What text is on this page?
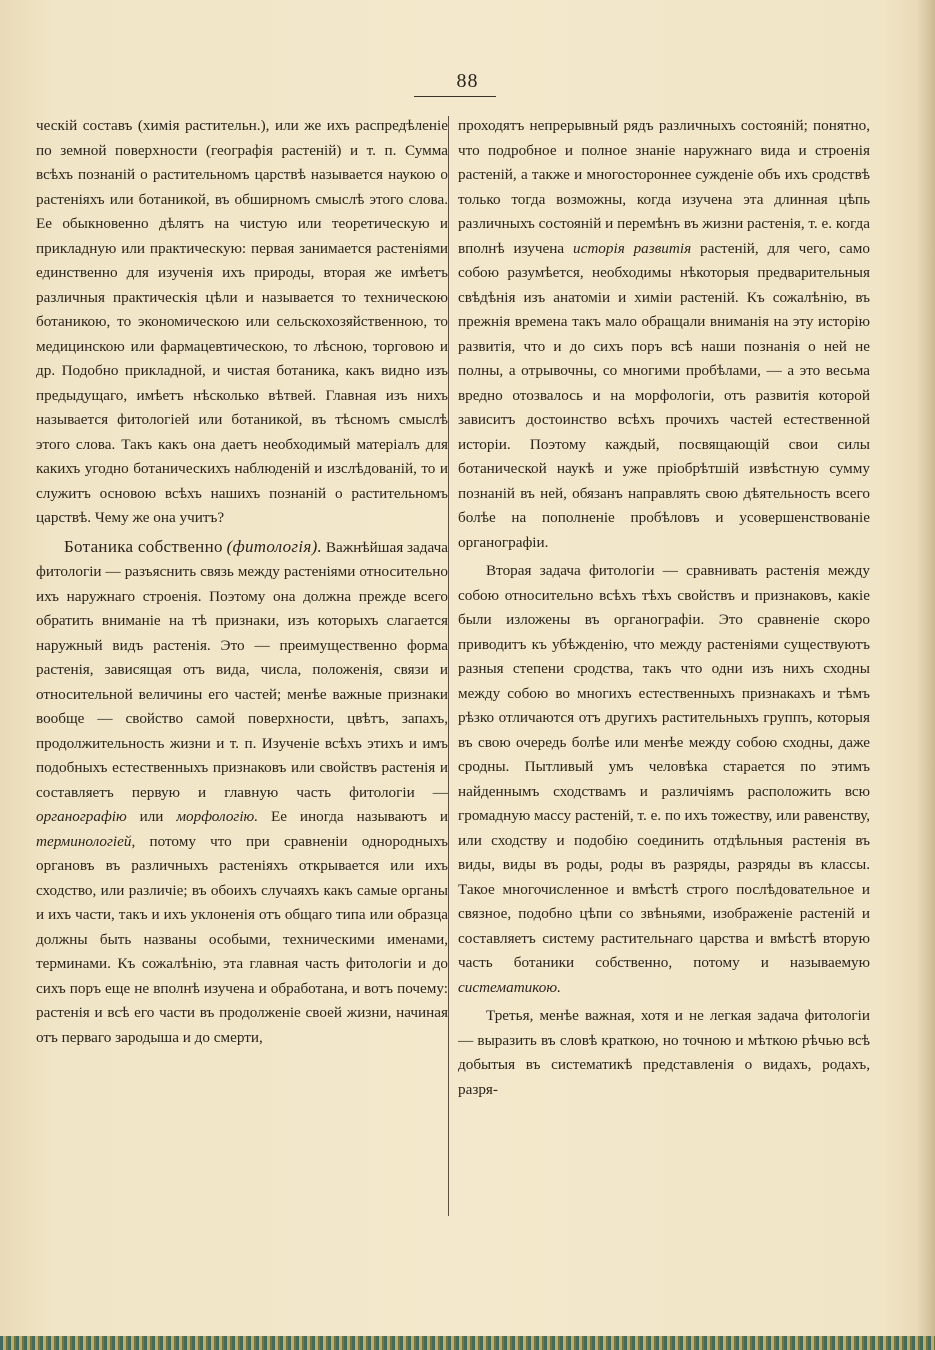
88

ческій составъ (химія растительн.), или же ихъ распредѣленіе по земной поверхности (географія растеній) и т. п. Сумма всѣхъ познаній о растительномъ царствѣ называется наукою о растеніяхъ или ботаникой, въ обширномъ смыслѣ этого слова. Ее обыкновенно дѣлятъ на чистую или теоретическую и прикладную или практическую: первая занимается растеніями единственно для изученія ихъ природы, вторая же имѣетъ различныя практическія цѣли и называется то техническою ботаникою, то экономическою или сельскохозяйственною, то медицинскою или фармацевтическою, то лѣсною, торговою и др. Подобно прикладной, и чистая ботаника, какъ видно изъ предыдущаго, имѣетъ нѣсколько вѣтвей. Главная изъ нихъ называется фитологіей или ботаникой, въ тѣсномъ смыслѣ этого слова. Такъ какъ она даетъ необходимый матеріалъ для какихъ угодно ботаническихъ наблюденій и изслѣдованій, то и служитъ основою всѣхъ нашихъ познаній о растительномъ царствѣ. Чему же она учитъ?

Ботаника собственно (фитологія). Важнѣйшая задача фитологіи — разъяснить связь между растеніями относительно ихъ наружнаго строенія. Поэтому она должна прежде всего обратить вниманіе на тѣ признаки, изъ которыхъ слагается наружный видъ растенія. Это — преимущественно форма растенія, зависящая отъ вида, числа, положенія, связи и относительной величины его частей; менѣе важные признаки вообще — свойство самой поверхности, цвѣтъ, запахъ, продолжительность жизни и т. п. Изученіе всѣхъ этихъ и имъ подобныхъ естественныхъ признаковъ или свойствъ растенія и составляетъ первую и главную часть фитологіи — органографію или морфологію. Ее иногда называютъ и терминологіей, потому что при сравненіи однородныхъ органовъ въ различныхъ растеніяхъ открывается или ихъ сходство, или различіе; въ обоихъ случаяхъ какъ самые органы и ихъ части, такъ и ихъ уклоненія отъ общаго типа или образца должны быть названы особыми, техническими именами, терминами. Къ сожалѣнію, эта главная часть фитологіи и до сихъ поръ еще не вполнѣ изучена и обработана, и вотъ почему: растенія и всѣ его части въ продолженіе своей жизни, начиная отъ перваго зародыша и до смерти,

проходятъ непрерывный рядъ различныхъ состояній; понятно, что подробное и полное знаніе наружнаго вида и строенія растеній, а также и многостороннее сужденіе объ ихъ сродствѣ только тогда возможны, когда изучена эта длинная цѣпь различныхъ состояній и перемѣнъ въ жизни растенія, т. е. когда вполнѣ изучена исторія развитія растеній, для чего, само собою разумѣется, необходимы нѣкоторыя предварительныя свѣдѣнія изъ анатоміи и химіи растеній. Къ сожалѣнію, въ прежнія времена такъ мало обращали вниманія на эту исторію развитія, что и до сихъ поръ всѣ наши познанія о ней не полны, а отрывочны, со многими пробѣлами, — а это весьма вредно отозвалось и на морфологіи, отъ развитія которой зависитъ достоинство всѣхъ прочихъ частей естественной исторіи. Поэтому каждый, посвящающій свои силы ботанической наукѣ и уже пріобрѣтшій извѣстную сумму познаній въ ней, обязанъ направлять свою дѣятельность всего болѣе на пополненіе пробѣловъ и усовершенствованіе органографіи.

Вторая задача фитологіи — сравнивать растенія между собою относительно всѣхъ тѣхъ свойствъ и признаковъ, какіе были изложены въ органографіи. Это сравненіе скоро приводитъ къ убѣжденію, что между растеніями существуютъ разныя степени сродства, такъ что одни изъ нихъ сходны между собою во многихъ естественныхъ признакахъ и тѣмъ рѣзко отличаются отъ другихъ растительныхъ группъ, которыя въ свою очередь болѣе или менѣе между собою сходны, даже сродны. Пытливый умъ человѣка старается по этимъ найденнымъ сходствамъ и различіямъ расположить всю громадную массу растеній, т. е. по ихъ тожеству, или равенству, или сходству и подобію соединить отдѣльныя растенія въ виды, виды въ роды, роды въ разряды, разряды въ классы. Такое многочисленное и вмѣстѣ строго послѣдовательное и связное, подобно цѣпи со звѣньями, изображеніе растеній и составляетъ систему растительнаго царства и вмѣстѣ вторую часть ботаники собственно, потому и называемую систематикою.

Третья, менѣе важная, хотя и не легкая задача фитологіи — выразить въ словѣ краткою, но точною и мѣткою рѣчью всѣ добытыя въ систематикѣ представленія о видахъ, родахъ, разря-
